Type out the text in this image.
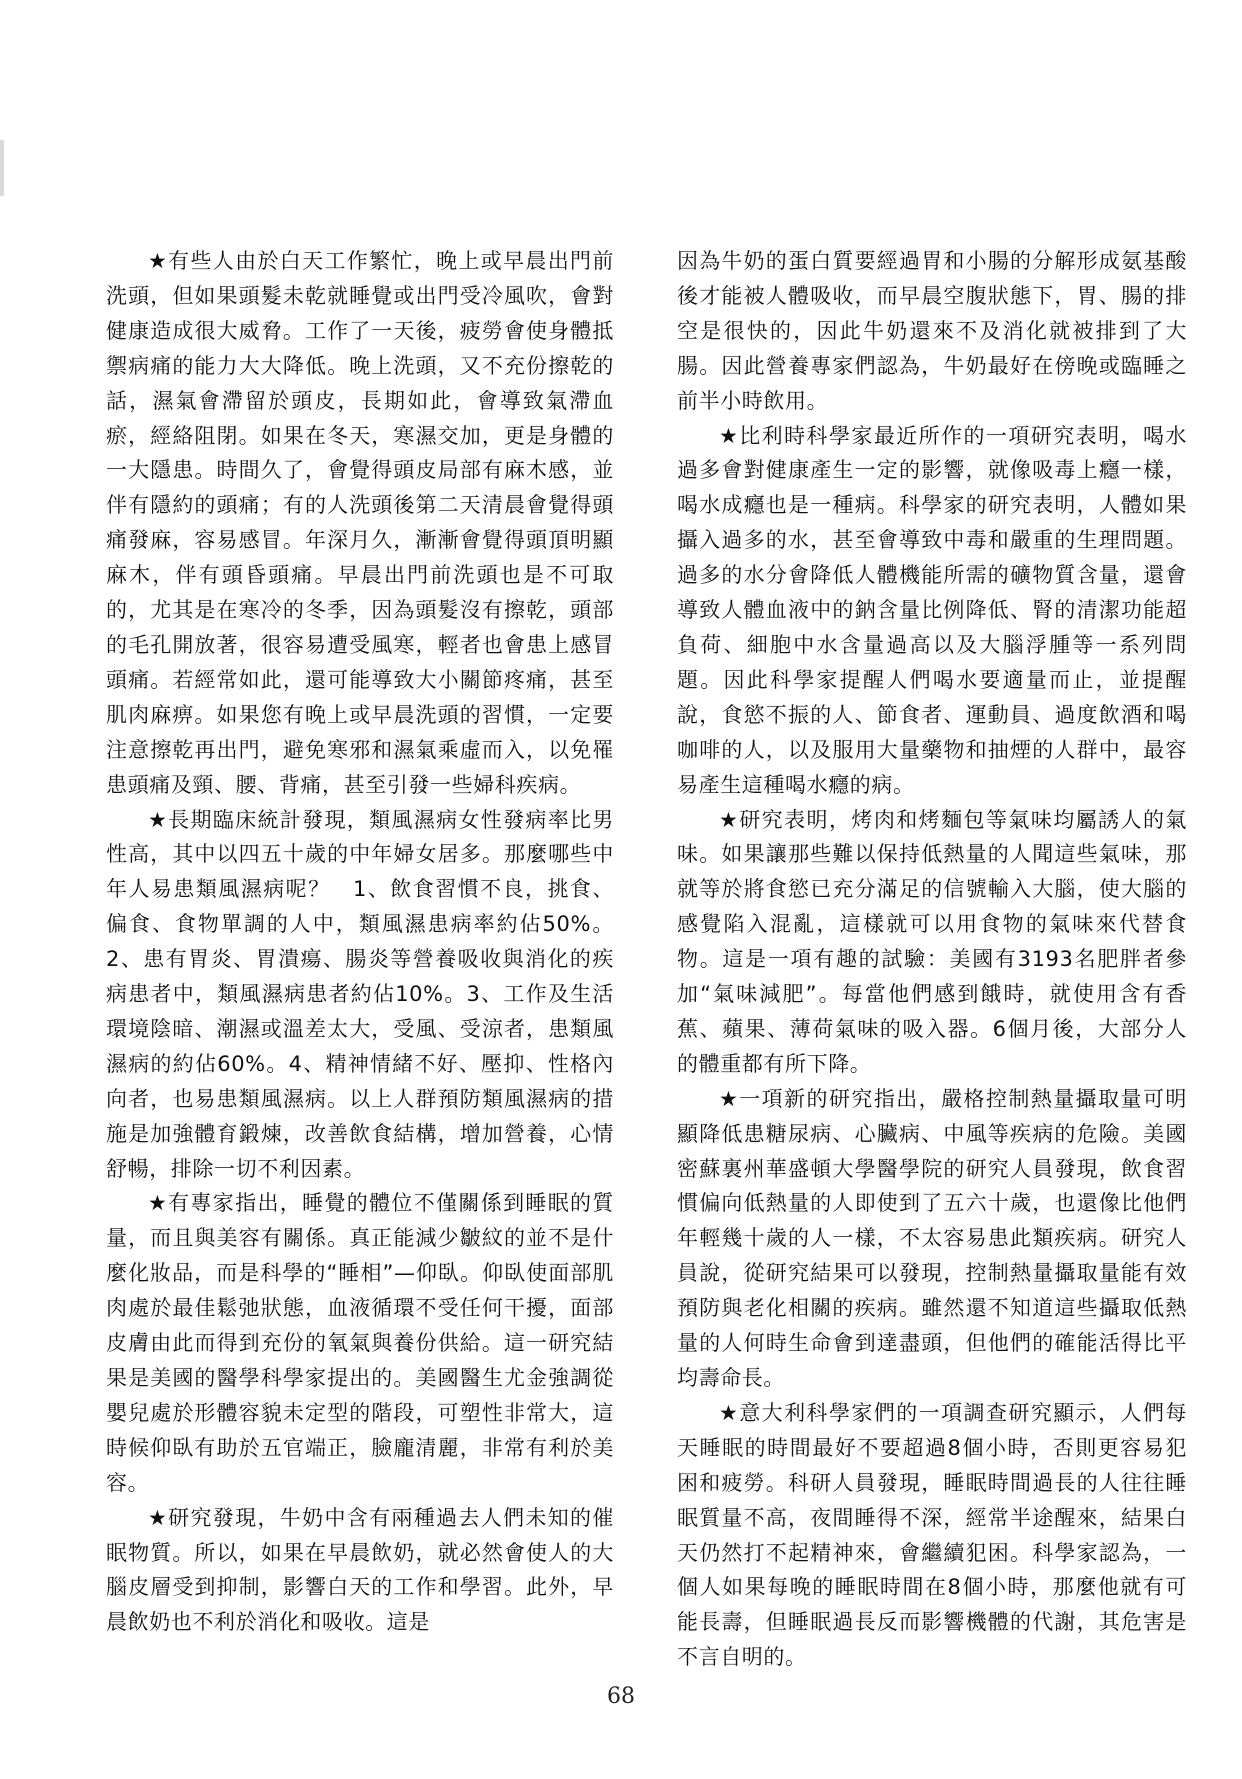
★有些人由於白天工作繁忙，晚上或早晨出門前洗頭，但如果頭髮未乾就睡覺或出門受冷風吹，會對健康造成很大威脅。工作了一天後，疲勞會使身體抵禦病痛的能力大大降低。晚上洗頭，又不充份擦乾的話，濕氣會滯留於頭皮，長期如此，會導致氣滯血瘀，經絡阻閉。如果在冬天，寒濕交加，更是身體的一大隱患。時間久了，會覺得頭皮局部有麻木感，並伴有隱約的頭痛；有的人洗頭後第二天清晨會覺得頭痛發麻，容易感冒。年深月久，漸漸會覺得頭頂明顯麻木，伴有頭昏頭痛。早晨出門前洗頭也是不可取的，尤其是在寒冷的冬季，因為頭髮沒有擦乾，頭部的毛孔開放著，很容易遭受風寒，輕者也會患上感冒頭痛。若經常如此，還可能導致大小關節疼痛，甚至肌肉麻痹。如果您有晚上或早晨洗頭的習慣，一定要注意擦乾再出門，避免寒邪和濕氣乘虛而入，以免罹患頭痛及頸、腰、背痛，甚至引發一些婦科疾病。

★長期臨床統計發現，類風濕病女性發病率比男性高，其中以四五十歲的中年婦女居多。那麼哪些中年人易患類風濕病呢？　1、飲食習慣不良，挑食、偏食、食物單調的人中，類風濕患病率約佔50%。2、患有胃炎、胃潰瘍、腸炎等營養吸收與消化的疾病患者中，類風濕病患者約佔10%。3、工作及生活環境陰暗、潮濕或溫差太大，受風、受涼者，患類風濕病的約佔60%。4、精神情緒不好、壓抑、性格內向者，也易患類風濕病。以上人群預防類風濕病的措施是加強體育鍛煉，改善飲食結構，增加營養，心情舒暢，排除一切不利因素。

★有專家指出，睡覺的體位不僅關係到睡眠的質量，而且與美容有關係。真正能減少皺紋的並不是什麼化妝品，而是科學的“睡相”—仰臥。仰臥使面部肌肉處於最佳鬆弛狀態，血液循環不受任何干擾，面部皮膚由此而得到充份的氧氣與養份供給。這一研究結果是美國的醫學科學家提出的。美國醫生尤金強調從嬰兒處於形體容貌未定型的階段，可塑性非常大，這時候仰臥有助於五官端正，臉龐清麗，非常有利於美容。

★研究發現，牛奶中含有兩種過去人們未知的催眠物質。所以，如果在早晨飲奶，就必然會使人的大腦皮層受到抑制，影響白天的工作和學習。此外，早晨飲奶也不利於消化和吸收。這是

因為牛奶的蛋白質要經過胃和小腸的分解形成氨基酸後才能被人體吸收，而早晨空腹狀態下，胃、腸的排空是很快的，因此牛奶還來不及消化就被排到了大腸。因此營養專家們認為，牛奶最好在傍晚或臨睡之前半小時飲用。

★比利時科學家最近所作的一項研究表明，喝水過多會對健康產生一定的影響，就像吸毒上癮一樣，喝水成癮也是一種病。科學家的研究表明，人體如果攝入過多的水，甚至會導致中毒和嚴重的生理問題。過多的水分會降低人體機能所需的礦物質含量，還會導致人體血液中的鈉含量比例降低、腎的清潔功能超負荷、細胞中水含量過高以及大腦浮腫等一系列問題。因此科學家提醒人們喝水要適量而止，並提醒說，食慾不振的人、節食者、運動員、過度飲酒和喝咖啡的人，以及服用大量藥物和抽煙的人群中，最容易產生這種喝水癮的病。

★研究表明，烤肉和烤麵包等氣味均屬誘人的氣味。如果讓那些難以保持低熱量的人聞這些氣味，那就等於將食慾已充分滿足的信號輸入大腦，使大腦的感覺陷入混亂，這樣就可以用食物的氣味來代替食物。這是一項有趣的試驗：美國有3193名肥胖者參加“氣味減肥”。每當他們感到餓時，就使用含有香蕉、蘋果、薄荷氣味的吸入器。6個月後，大部分人的體重都有所下降。

★一項新的研究指出，嚴格控制熱量攝取量可明顯降低患糖尿病、心臟病、中風等疾病的危險。美國密蘇裏州華盛頓大學醫學院的研究人員發現，飲食習慣偏向低熱量的人即使到了五六十歲，也還像比他們年輕幾十歲的人一樣，不太容易患此類疾病。研究人員說，從研究結果可以發現，控制熱量攝取量能有效預防與老化相關的疾病。雖然還不知道這些攝取低熱量的人何時生命會到達盡頭，但他們的確能活得比平均壽命長。

★意大利科學家們的一項調查研究顯示，人們每天睡眠的時間最好不要超過8個小時，否則更容易犯困和疲勞。科研人員發現，睡眠時間過長的人往往睡眠質量不高，夜間睡得不深，經常半途醒來，結果白天仍然打不起精神來，會繼續犯困。科學家認為，一個人如果每晚的睡眠時間在8個小時，那麼他就有可能長壽，但睡眠過長反而影響機體的代謝，其危害是不言自明的。

68
